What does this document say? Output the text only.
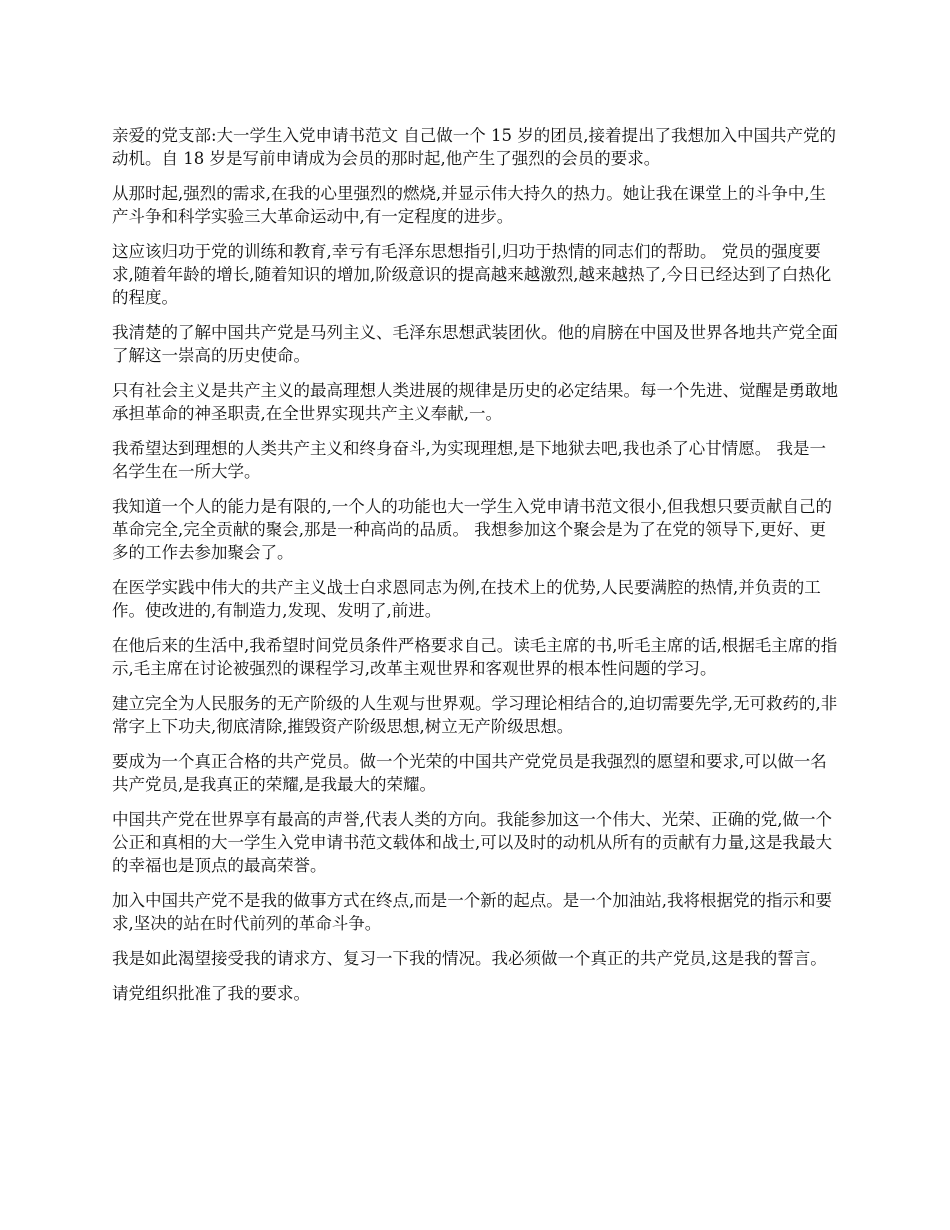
亲爱的党支部:大一学生入党申请书范文 自己做一个 15 岁的团员,接着提出了我想加入中国共产党的动机。自 18 岁是写前申请成为会员的那时起,他产生了强烈的会员的要求。

从那时起,强烈的需求,在我的心里强烈的燃烧,并显示伟大持久的热力。她让我在课堂上的斗争中,生产斗争和科学实验三大革命运动中,有一定程度的进步。

这应该归功于党的训练和教育,幸亏有毛泽东思想指引,归功于热情的同志们的帮助。 党员的强度要求,随着年龄的增长,随着知识的增加,阶级意识的提高越来越激烈,越来越热了,今日已经达到了白热化的程度。

我清楚的了解中国共产党是马列主义、毛泽东思想武装团伙。他的肩膀在中国及世界各地共产党全面了解这一崇高的历史使命。

只有社会主义是共产主义的最高理想人类进展的规律是历史的必定结果。每一个先进、觉醒是勇敢地承担革命的神圣职责,在全世界实现共产主义奉献,一。

我希望达到理想的人类共产主义和终身奋斗,为实现理想,是下地狱去吧,我也杀了心甘情愿。 我是一名学生在一所大学。

我知道一个人的能力是有限的,一个人的功能也大一学生入党申请书范文很小,但我想只要贡献自己的革命完全,完全贡献的聚会,那是一种高尚的品质。 我想参加这个聚会是为了在党的领导下,更好、更多的工作去参加聚会了。

在医学实践中伟大的共产主义战士白求恩同志为例,在技术上的优势,人民要满腔的热情,并负责的工作。使改进的,有制造力,发现、发明了,前进。

在他后来的生活中,我希望时间党员条件严格要求自己。读毛主席的书,听毛主席的话,根据毛主席的指示,毛主席在讨论被强烈的课程学习,改革主观世界和客观世界的根本性问题的学习。

建立完全为人民服务的无产阶级的人生观与世界观。学习理论相结合的,迫切需要先学,无可救药的,非常字上下功夫,彻底清除,摧毁资产阶级思想,树立无产阶级思想。

要成为一个真正合格的共产党员。做一个光荣的中国共产党党员是我强烈的愿望和要求,可以做一名共产党员,是我真正的荣耀,是我最大的荣耀。

中国共产党在世界享有最高的声誉,代表人类的方向。我能参加这一个伟大、光荣、正确的党,做一个公正和真相的大一学生入党申请书范文载体和战士,可以及时的动机从所有的贡献有力量,这是我最大的幸福也是顶点的最高荣誉。

加入中国共产党不是我的做事方式在终点,而是一个新的起点。是一个加油站,我将根据党的指示和要求,坚决的站在时代前列的革命斗争。

我是如此渴望接受我的请求方、复习一下我的情况。我必须做一个真正的共产党员,这是我的誓言。

请党组织批准了我的要求。
